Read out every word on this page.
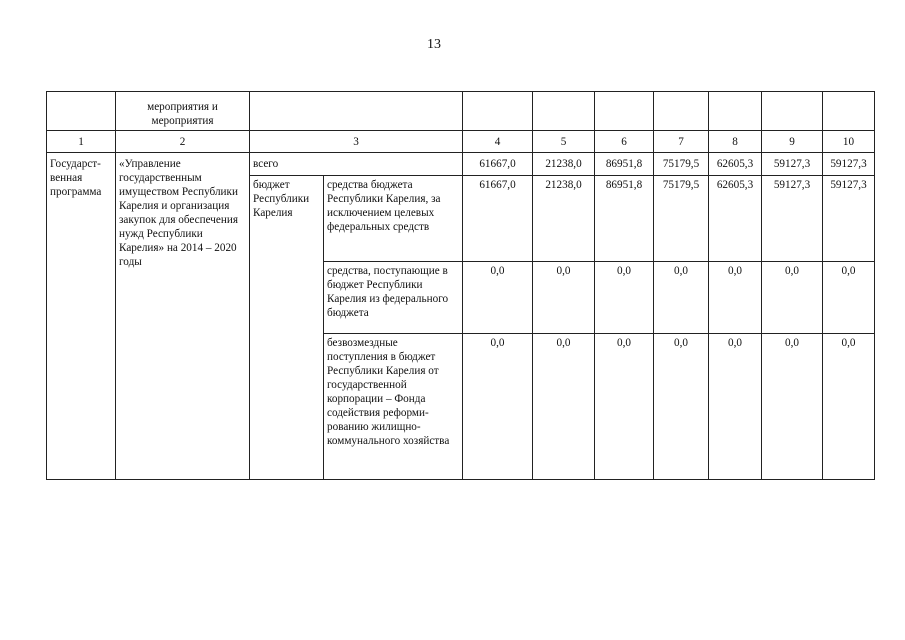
13
	мероприятия и мероприятия									
1	2	3		4	5	6	7	8	9	10
Государст-венная программа	«Управление государственным имуществом Республики Карелия и организация закупок для обеспечения нужд Республики Карелия» на 2014 – 2020 годы	всего		61667,0	21238,0	86951,8	75179,5	62605,3	59127,3	59127,3
		бюджет Республики Карелия	средства бюджета Республики Карелия, за исключением целевых федеральных средств	61667,0	21238,0	86951,8	75179,5	62605,3	59127,3	59127,3
			средства, поступающие в бюджет Республики Карелия из федерального бюджета	0,0	0,0	0,0	0,0	0,0	0,0	0,0
			безвозмездные поступления в бюджет Республики Карелия от государственной корпорации – Фонда содействия реформи-рованию жилищно-коммунального хозяйства	0,0	0,0	0,0	0,0	0,0	0,0	0,0
